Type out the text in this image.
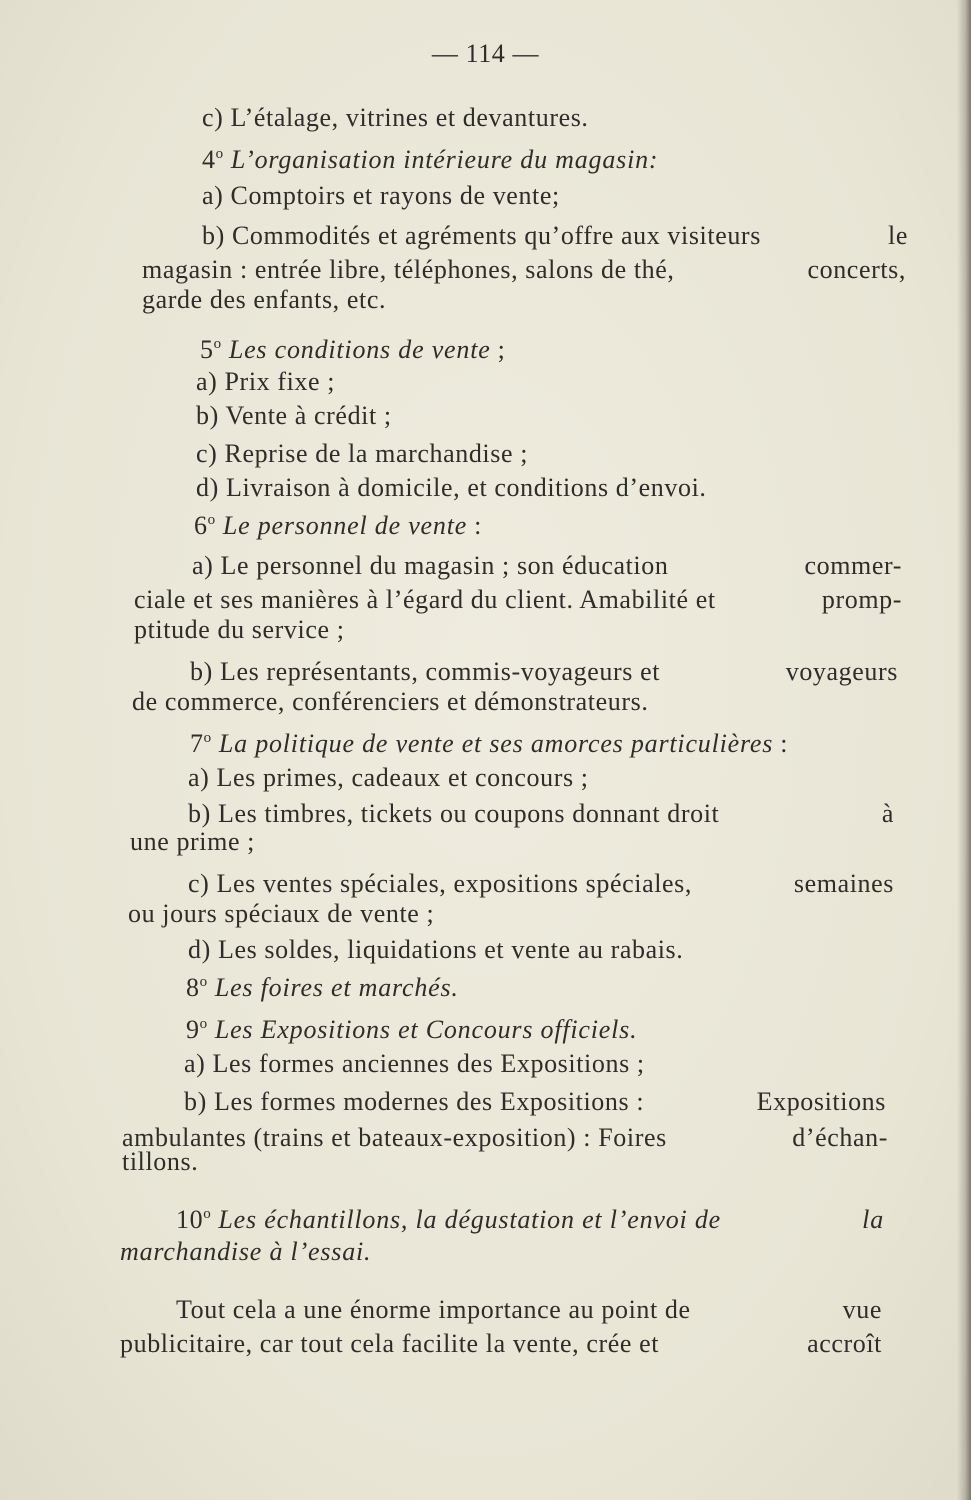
— 114 —
c) L’étalage, vitrines et devantures.
4$^o$ L’organisation intérieure du magasin:
a) Comptoirs et rayons de vente;
b) Commodités et agréments qu’offre aux visiteurs	le
magasin : entrée libre, téléphones, salons de thé,	concerts,
garde des enfants, etc.
5$^o$ Les conditions de vente ;
a) Prix fixe ;
b) Vente à crédit ;
c) Reprise de la marchandise ;
d) Livraison à domicile, et conditions d’envoi.
6$^o$ Le personnel de vente :
a) Le personnel du magasin ; son éducation	commer-
ciale et ses manières à l’égard du client. Amabilité et	promp-
ptitude du service ;
b) Les représentants, commis-voyageurs et	voyageurs
de commerce, conférenciers et démonstrateurs.
7$^o$ La politique de vente et ses amorces particulières :
a) Les primes, cadeaux et concours ;
b) Les timbres, tickets ou coupons donnant droit	à
une prime ;
c) Les ventes spéciales, expositions spéciales,	semaines
ou jours spéciaux de vente ;
d) Les soldes, liquidations et vente au rabais.
8$^o$ Les foires et marchés.
9$^o$ Les Expositions et Concours officiels.
a) Les formes anciennes des Expositions ;
b) Les formes modernes des Expositions :	Expositions
ambulantes (trains et bateaux-exposition) : Foires	d’échan-
tillons.
10$^o$ Les échantillons, la dégustation et l’envoi de	la
marchandise à l’essai.
Tout cela a une énorme importance au point de	vue
publicitaire, car tout cela facilite la vente, crée et	accroît
